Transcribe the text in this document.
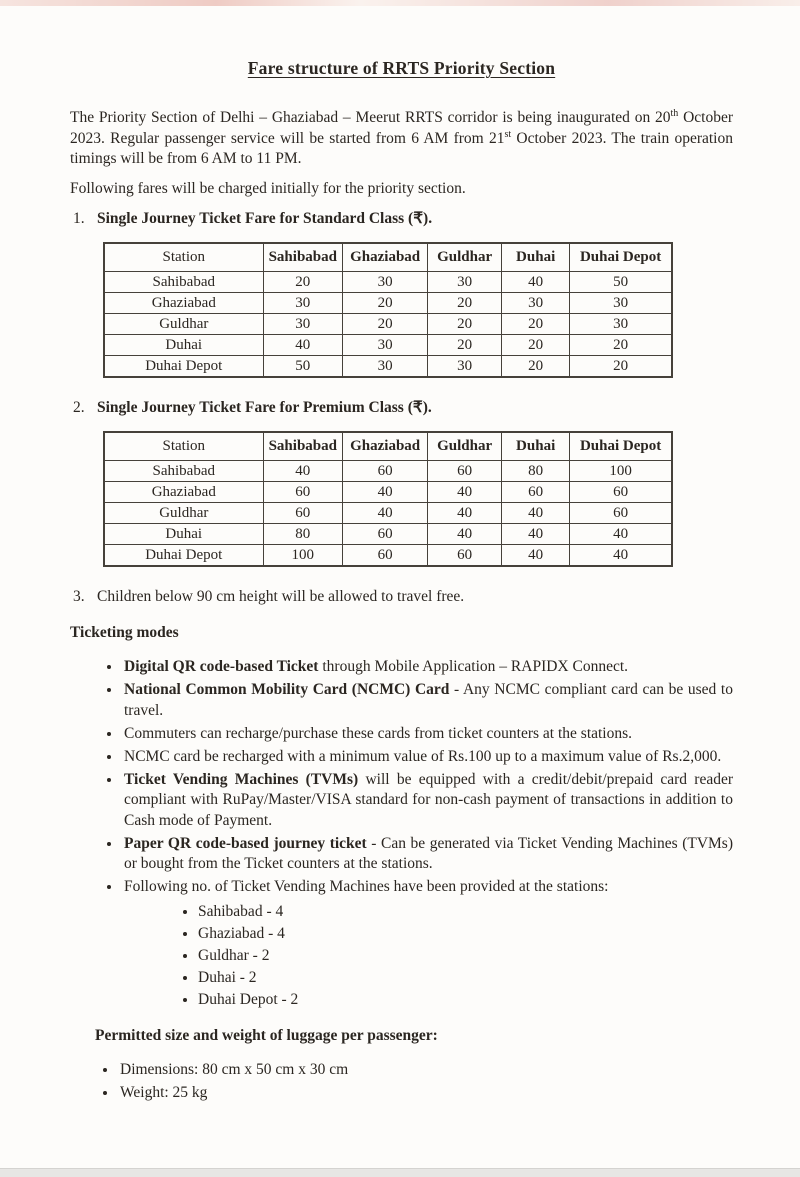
Fare structure of RRTS Priority Section

The Priority Section of Delhi – Ghaziabad – Meerut RRTS corridor is being inaugurated on 20th October 2023. Regular passenger service will be started from 6 AM from 21st October 2023. The train operation timings will be from 6 AM to 11 PM.

Following fares will be charged initially for the priority section.

1. Single Journey Ticket Fare for Standard Class (₹).
Station	Sahibabad	Ghaziabad	Guldhar	Duhai	Duhai Depot
Sahibabad	20	30	30	40	50
Ghaziabad	30	20	20	30	30
Guldhar	30	20	20	20	30
Duhai	40	30	20	20	20
Duhai Depot	50	30	30	20	20
2. Single Journey Ticket Fare for Premium Class (₹).
Station	Sahibabad	Ghaziabad	Guldhar	Duhai	Duhai Depot
Sahibabad	40	60	60	80	100
Ghaziabad	60	40	40	60	60
Guldhar	60	40	40	40	60
Duhai	80	60	40	40	40
Duhai Depot	100	60	60	40	40
3. Children below 90 cm height will be allowed to travel free.
Ticketing modes
• Digital QR code-based Ticket through Mobile Application – RAPIDX Connect.
• National Common Mobility Card (NCMC) Card - Any NCMC compliant card can be used to travel.
• Commuters can recharge/purchase these cards from ticket counters at the stations.
• NCMC card be recharged with a minimum value of Rs.100 up to a maximum value of Rs.2,000.
• Ticket Vending Machines (TVMs) will be equipped with a credit/debit/prepaid card reader compliant with RuPay/Master/VISA standard for non-cash payment of transactions in addition to Cash mode of Payment.
• Paper QR code-based journey ticket - Can be generated via Ticket Vending Machines (TVMs) or bought from the Ticket counters at the stations.
• Following no. of Ticket Vending Machines have been provided at the stations:
• Sahibabad - 4
• Ghaziabad - 4
• Guldhar - 2
• Duhai - 2
• Duhai Depot - 2
Permitted size and weight of luggage per passenger:
• Dimensions: 80 cm x 50 cm x 30 cm
• Weight: 25 kg
